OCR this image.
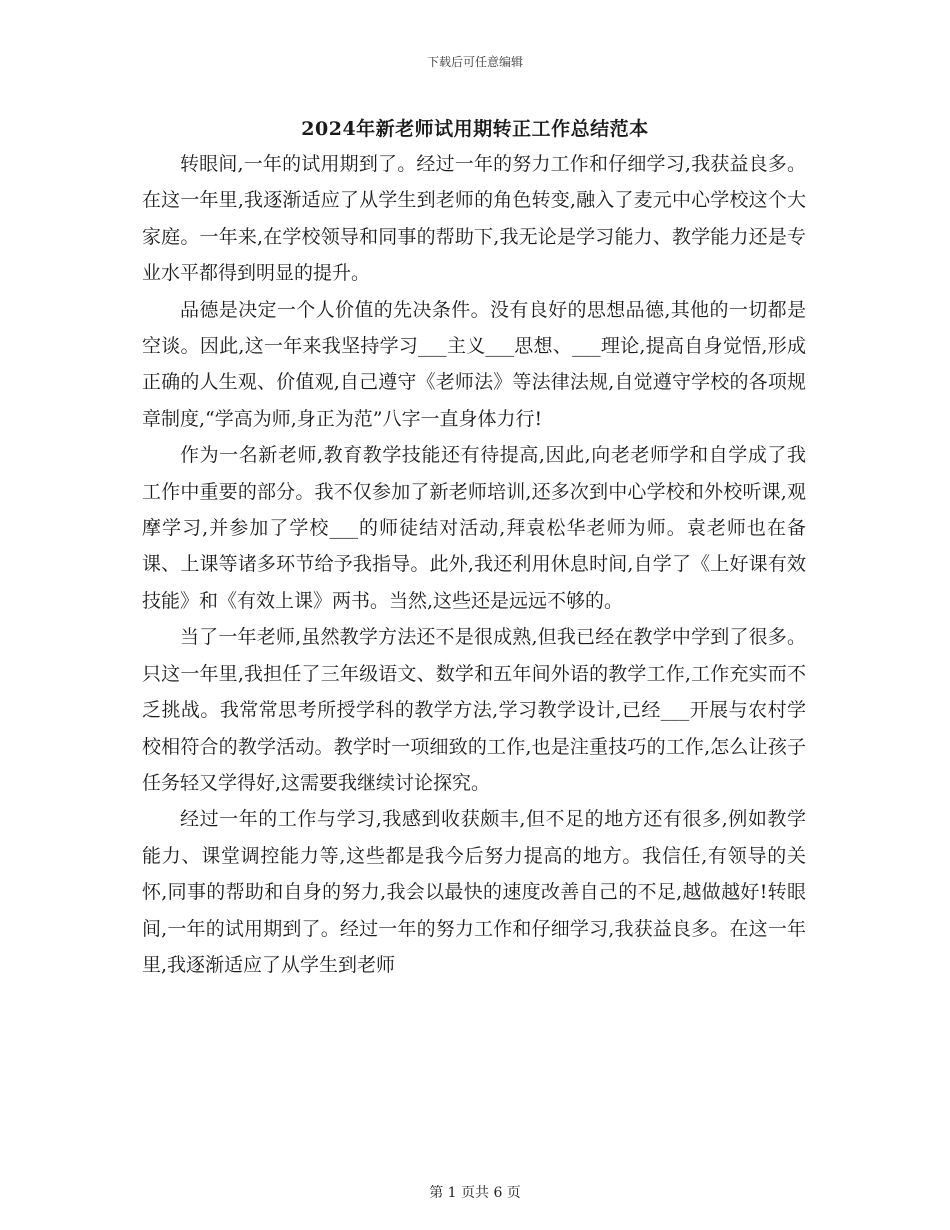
下载后可任意编辑
2024年新老师试用期转正工作总结范本

转眼间,一年的试用期到了。经过一年的努力工作和仔细学习,我获益良多。在这一年里,我逐渐适应了从学生到老师的角色转变,融入了麦元中心学校这个大家庭。一年来,在学校领导和同事的帮助下,我无论是学习能力、教学能力还是专业水平都得到明显的提升。

品德是决定一个人价值的先决条件。没有良好的思想品德,其他的一切都是空谈。因此,这一年来我坚持学习___主义___思想、___理论,提高自身觉悟,形成正确的人生观、价值观,自己遵守《老师法》等法律法规,自觉遵守学校的各项规章制度,“学高为师,身正为范”八字一直身体力行!

作为一名新老师,教育教学技能还有待提高,因此,向老老师学和自学成了我工作中重要的部分。我不仅参加了新老师培训,还多次到中心学校和外校听课,观摩学习,并参加了学校___的师徒结对活动,拜袁松华老师为师。袁老师也在备课、上课等诸多环节给予我指导。此外,我还利用休息时间,自学了《上好课有效技能》和《有效上课》两书。当然,这些还是远远不够的。

当了一年老师,虽然教学方法还不是很成熟,但我已经在教学中学到了很多。只这一年里,我担任了三年级语文、数学和五年间外语的教学工作,工作充实而不乏挑战。我常常思考所授学科的教学方法,学习教学设计,已经___开展与农村学校相符合的教学活动。教学时一项细致的工作,也是注重技巧的工作,怎么让孩子任务轻又学得好,这需要我继续讨论探究。

经过一年的工作与学习,我感到收获颇丰,但不足的地方还有很多,例如教学能力、课堂调控能力等,这些都是我今后努力提高的地方。我信任,有领导的关怀,同事的帮助和自身的努力,我会以最快的速度改善自己的不足,越做越好!转眼间,一年的试用期到了。经过一年的努力工作和仔细学习,我获益良多。在这一年里,我逐渐适应了从学生到老师

第 1 页共 6 页
